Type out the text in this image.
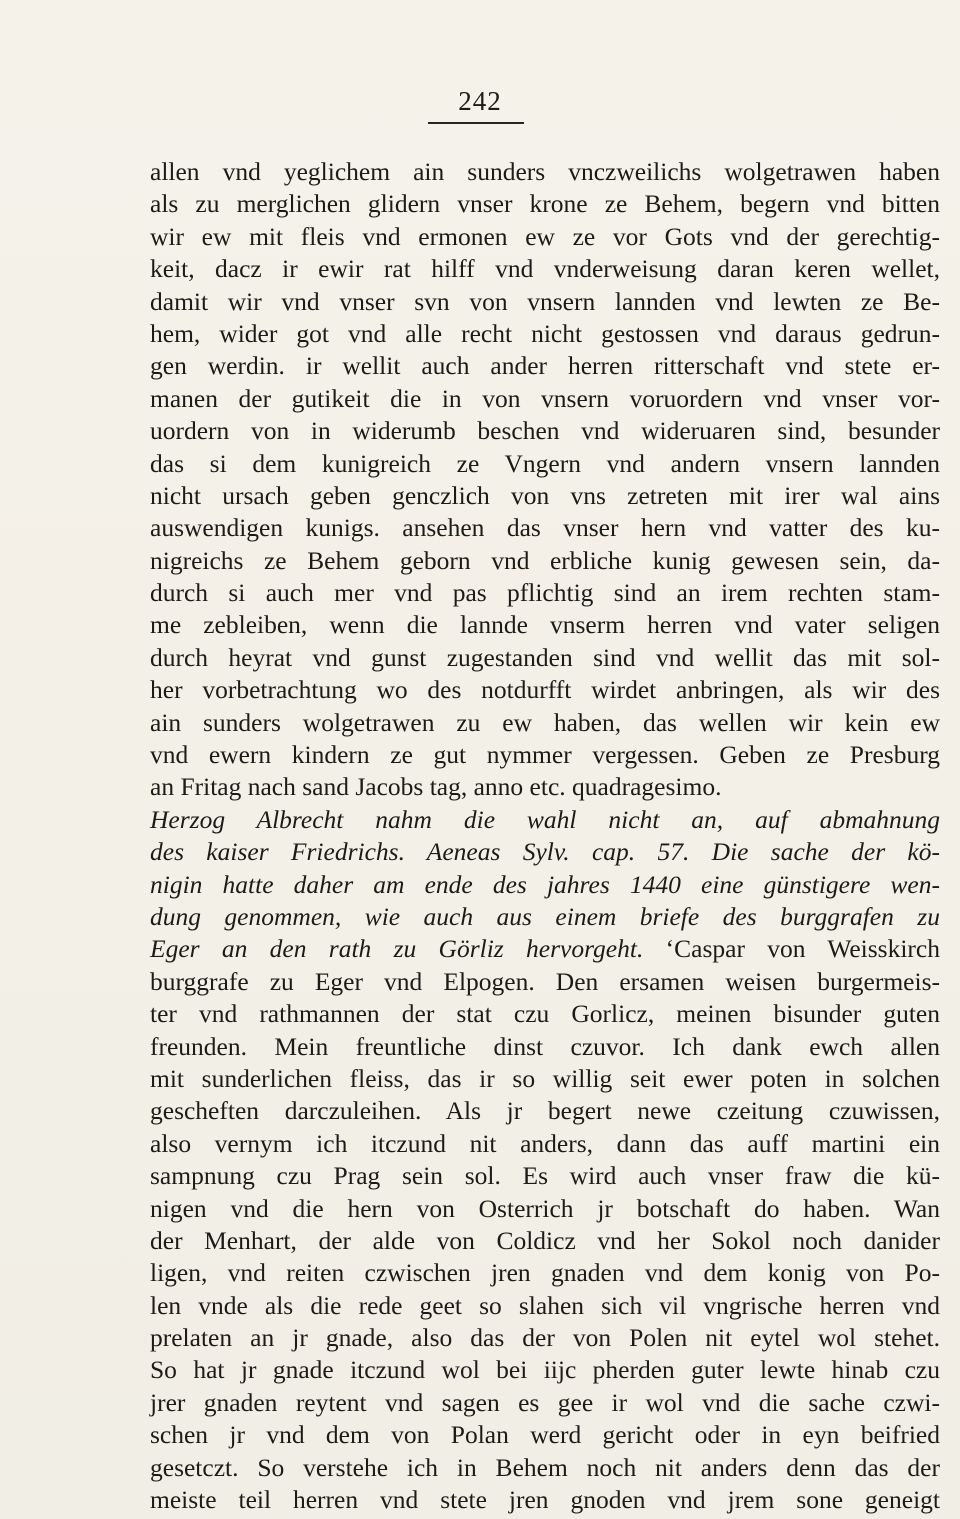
242
allen vnd yeglichem ain sunders vnczweilichs wolgetrawen haben
als zu merglichen glidern vnser krone ze Behem, begern vnd bitten
wir ew mit fleis vnd ermonen ew ze vor Gots vnd der gerechtig-
keit, dacz ir ewir rat hilff vnd vnderweisung daran keren wellet,
damit wir vnd vnser svn von vnsern lannden vnd lewten ze Be-
hem, wider got vnd alle recht nicht gestossen vnd daraus gedrun-
gen werdin. ir wellit auch ander herren ritterschaft vnd stete er-
manen der gutikeit die in von vnsern voruordern vnd vnser vor-
uordern von in widerumb beschen vnd wideruaren sind, besunder
das si dem kunigreich ze Vngern vnd andern vnsern lannden
nicht ursach geben genczlich von vns zetreten mit irer wal ains
auswendigen kunigs. ansehen das vnser hern vnd vatter des ku-
nigreichs ze Behem geborn vnd erbliche kunig gewesen sein, da-
durch si auch mer vnd pas pflichtig sind an irem rechten stam-
me zebleiben, wenn die lannde vnserm herren vnd vater seligen
durch heyrat vnd gunst zugestanden sind vnd wellit das mit sol-
her vorbetrachtung wo des notdurfft wirdet anbringen, als wir des
ain sunders wolgetrawen zu ew haben, das wellen wir kein ew
vnd ewern kindern ze gut nymmer vergessen. Geben ze Presburg
an Fritag nach sand Jacobs tag, anno etc. quadragesimo.
Herzog Albrecht nahm die wahl nicht an, auf abmahnung
des kaiser Friedrichs. Aeneas Sylv. cap. 57. Die sache der kö-
nigin hatte daher am ende des jahres 1440 eine günstigere wen-
dung genommen, wie auch aus einem briefe des burggrafen zu
Eger an den rath zu Görliz hervorgeht. ‘Caspar von Weisskirch
burggrafe zu Eger vnd Elpogen. Den ersamen weisen burgermeis-
ter vnd rathmannen der stat czu Gorlicz, meinen bisunder guten
freunden. Mein freuntliche dinst czuvor. Ich dank ewch allen
mit sunderlichen fleiss, das ir so willig seit ewer poten in solchen
gescheften darczuleihen. Als jr begert newe czeitung czuwissen,
also vernym ich itczund nit anders, dann das auff martini ein
sampnung czu Prag sein sol. Es wird auch vnser fraw die kü-
nigen vnd die hern von Osterrich jr botschaft do haben. Wan
der Menhart, der alde von Coldicz vnd her Sokol noch danider
ligen, vnd reiten czwischen jren gnaden vnd dem konig von Po-
len vnde als die rede geet so slahen sich vil vngrische herren vnd
prelaten an jr gnade, also das der von Polen nit eytel wol stehet.
So hat jr gnade itczund wol bei iijc pherden guter lewte hinab czu
jrer gnaden reytent vnd sagen es gee ir wol vnd die sache czwi-
schen jr vnd dem von Polan werd gericht oder in eyn beifried
gesetczt. So verstehe ich in Behem noch nit anders denn das der
meiste teil herren vnd stete jren gnoden vnd jrem sone geneigt
